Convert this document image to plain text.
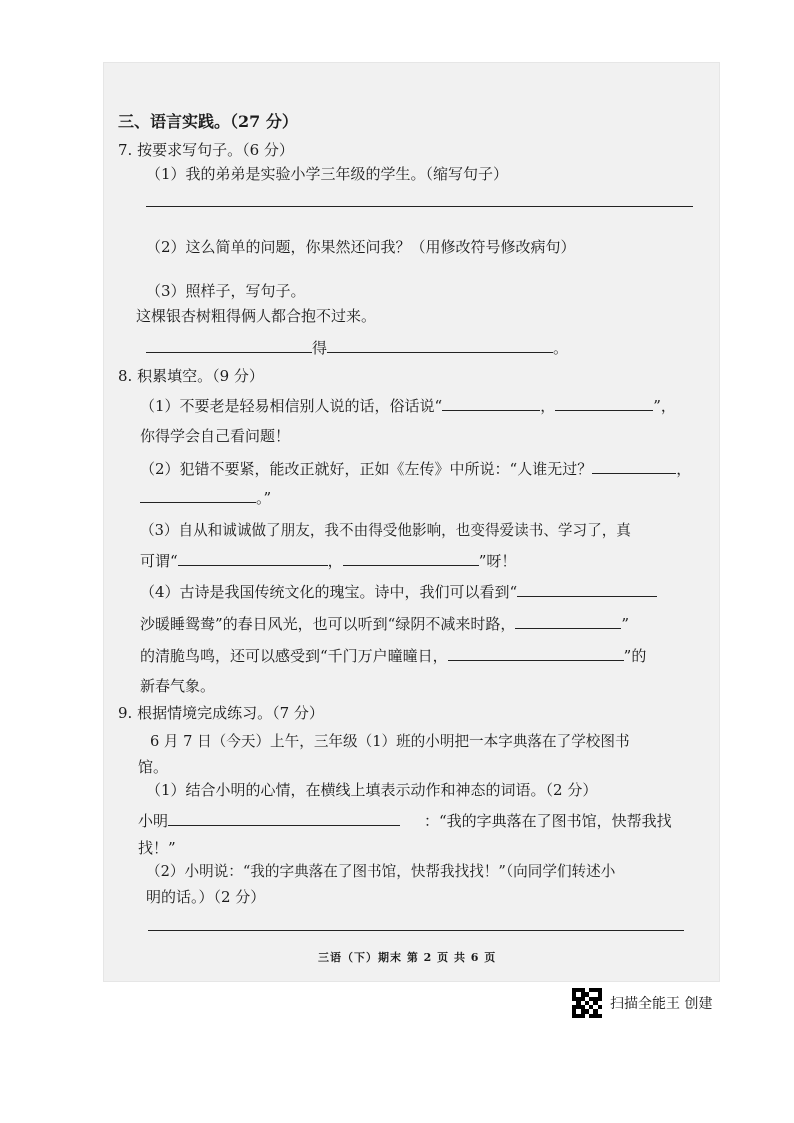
三、语言实践。（27 分）
7. 按要求写句子。（6 分）
（1）我的弟弟是实验小学三年级的学生。（缩写句子）
（2）这么简单的问题，你果然还问我？（用修改符号修改病句）
（3）照样子，写句子。
这棵银杏树粗得俩人都合抱不过来。
得	。
8. 积累填空。（9 分）
（1）不要老是轻易相信别人说的话，俗话说“	，	”，
你得学会自己看问题！
（2）犯错不要紧，能改正就好，正如《左传》中所说：“人谁无过？	，
。”
（3）自从和诚诚做了朋友，我不由得受他影响，也变得爱读书、学习了，真
可谓“	，	”呀！
（4）古诗是我国传统文化的瑰宝。诗中，我们可以看到“
沙暖睡鸳鸯”的春日风光，也可以听到“绿阴不减来时路，	”
的清脆鸟鸣，还可以感受到“千门万户曈曈日，	”的
新春气象。
9. 根据情境完成练习。（7 分）
6 月 7 日（今天）上午，三年级（1）班的小明把一本字典落在了学校图书
馆。
（1）结合小明的心情，在横线上填表示动作和神态的词语。（2 分）
小明	：“我的字典落在了图书馆，快帮我找
找！”
（2）小明说：“我的字典落在了图书馆，快帮我找找！”（向同学们转述小
明的话。）（2 分）
三语（下）期末 第 2 页 共 6 页
扫描全能王 创建
